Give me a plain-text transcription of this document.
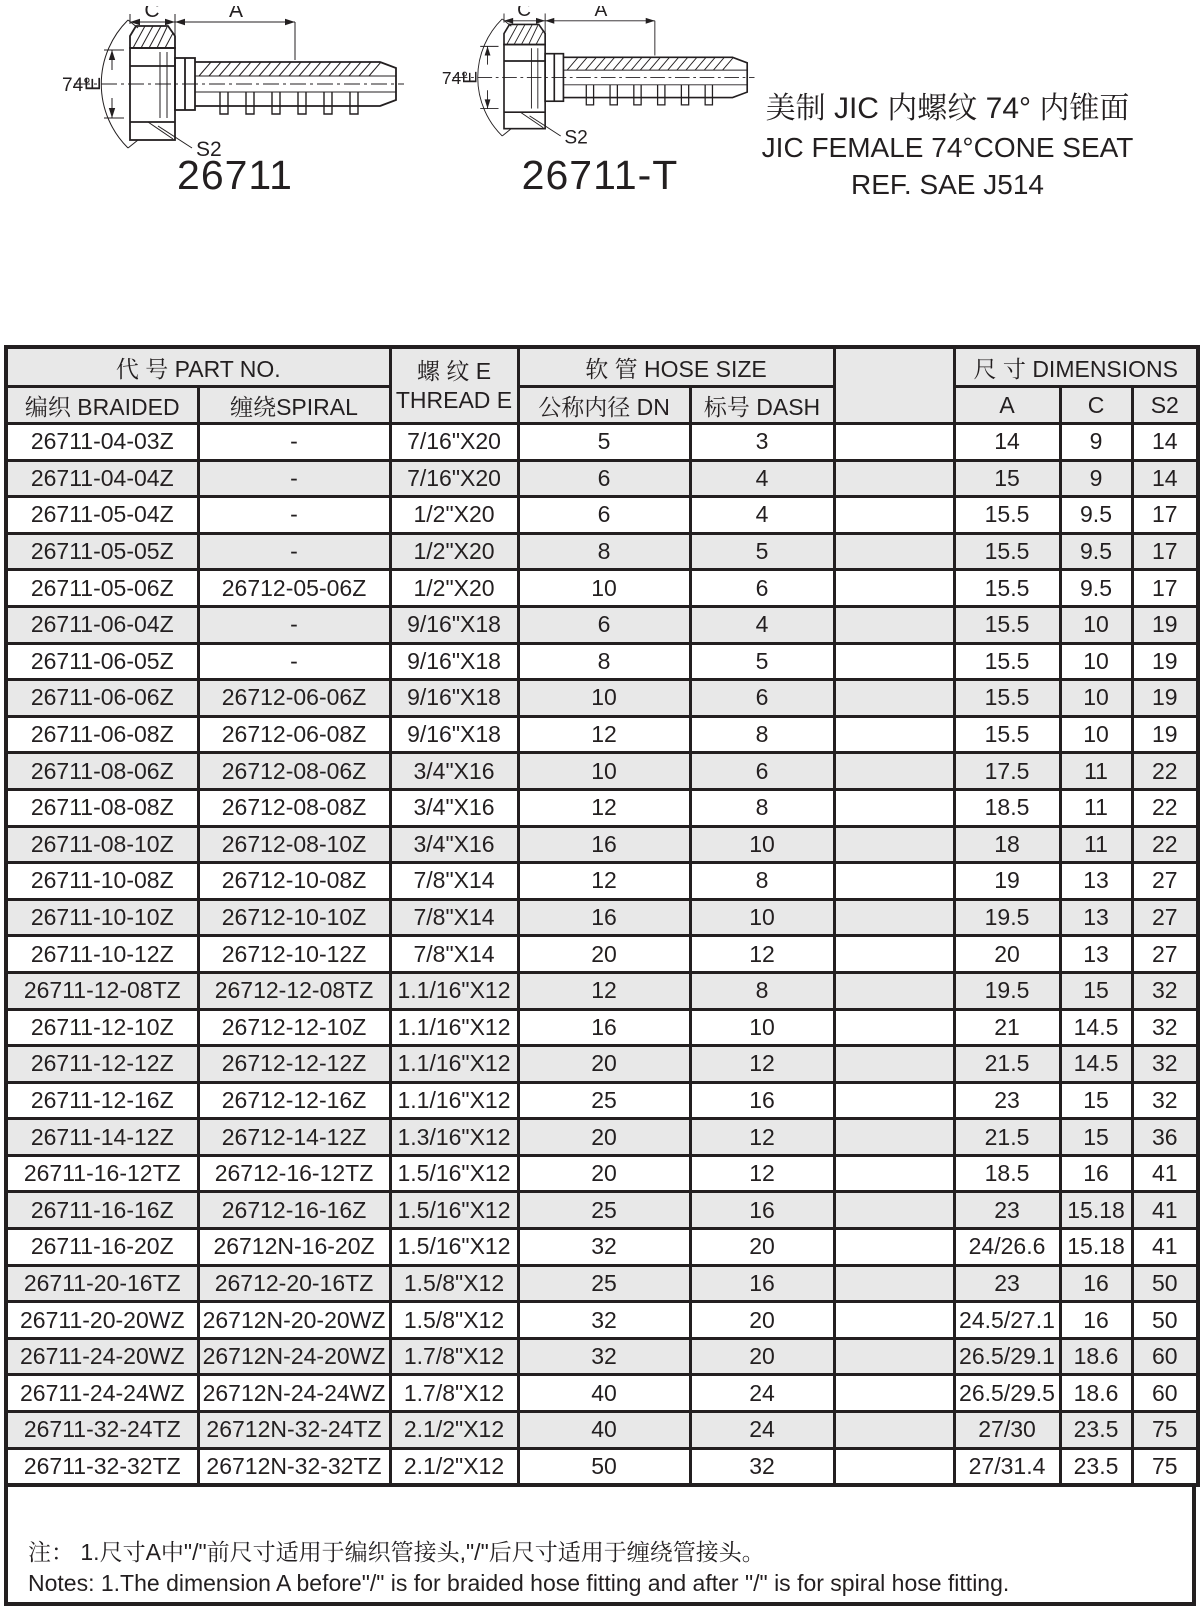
26711	26711-T
美制 JIC 内螺纹 74° 内锥面
JIC FEMALE 74°CONE SEAT
REF. SAE J514
代 号 PART NO.		螺 纹 E
THREAD E	软 管 HOSE SIZE			尺 寸 DIMENSIONS		
编织 BRAIDED	缠绕SPIRAL		公称内径 DN	标号 DASH		A	C	S2
26711-04-03Z	-	7/16"X20	5	3		14	9	14
26711-04-04Z	-	7/16"X20	6	4		15	9	14
26711-05-04Z	-	1/2"X20	6	4		15.5	9.5	17
26711-05-05Z	-	1/2"X20	8	5		15.5	9.5	17
26711-05-06Z	26712-05-06Z	1/2"X20	10	6		15.5	9.5	17
26711-06-04Z	-	9/16"X18	6	4		15.5	10	19
26711-06-05Z	-	9/16"X18	8	5		15.5	10	19
26711-06-06Z	26712-06-06Z	9/16"X18	10	6		15.5	10	19
26711-06-08Z	26712-06-08Z	9/16"X18	12	8		15.5	10	19
26711-08-06Z	26712-08-06Z	3/4"X16	10	6		17.5	11	22
26711-08-08Z	26712-08-08Z	3/4"X16	12	8		18.5	11	22
26711-08-10Z	26712-08-10Z	3/4"X16	16	10		18	11	22
26711-10-08Z	26712-10-08Z	7/8"X14	12	8		19	13	27
26711-10-10Z	26712-10-10Z	7/8"X14	16	10		19.5	13	27
26711-10-12Z	26712-10-12Z	7/8"X14	20	12		20	13	27
26711-12-08TZ	26712-12-08TZ	1.1/16"X12	12	8		19.5	15	32
26711-12-10Z	26712-12-10Z	1.1/16"X12	16	10		21	14.5	32
26711-12-12Z	26712-12-12Z	1.1/16"X12	20	12		21.5	14.5	32
26711-12-16Z	26712-12-16Z	1.1/16"X12	25	16		23	15	32
26711-14-12Z	26712-14-12Z	1.3/16"X12	20	12		21.5	15	36
26711-16-12TZ	26712-16-12TZ	1.5/16"X12	20	12		18.5	16	41
26711-16-16Z	26712-16-16Z	1.5/16"X12	25	16		23	15.18	41
26711-16-20Z	26712N-16-20Z	1.5/16"X12	32	20		24/26.6	15.18	41
26711-20-16TZ	26712-20-16TZ	1.5/8"X12	25	16		23	16	50
26711-20-20WZ	26712N-20-20WZ	1.5/8"X12	32	20		24.5/27.1	16	50
26711-24-20WZ	26712N-24-20WZ	1.7/8"X12	32	20		26.5/29.1	18.6	60
26711-24-24WZ	26712N-24-24WZ	1.7/8"X12	40	24		26.5/29.5	18.6	60
26711-32-24TZ	26712N-32-24TZ	2.1/2"X12	40	24		27/30	23.5	75
26711-32-32TZ	26712N-32-32TZ	2.1/2"X12	50	32		27/31.4	23.5	75
注： 1.尺寸A中"/"前尺寸适用于编织管接头,"/"后尺寸适用于缠绕管接头。
Notes: 1.The dimension A before"/" is for braided hose fitting and after "/" is for spiral hose fitting.
